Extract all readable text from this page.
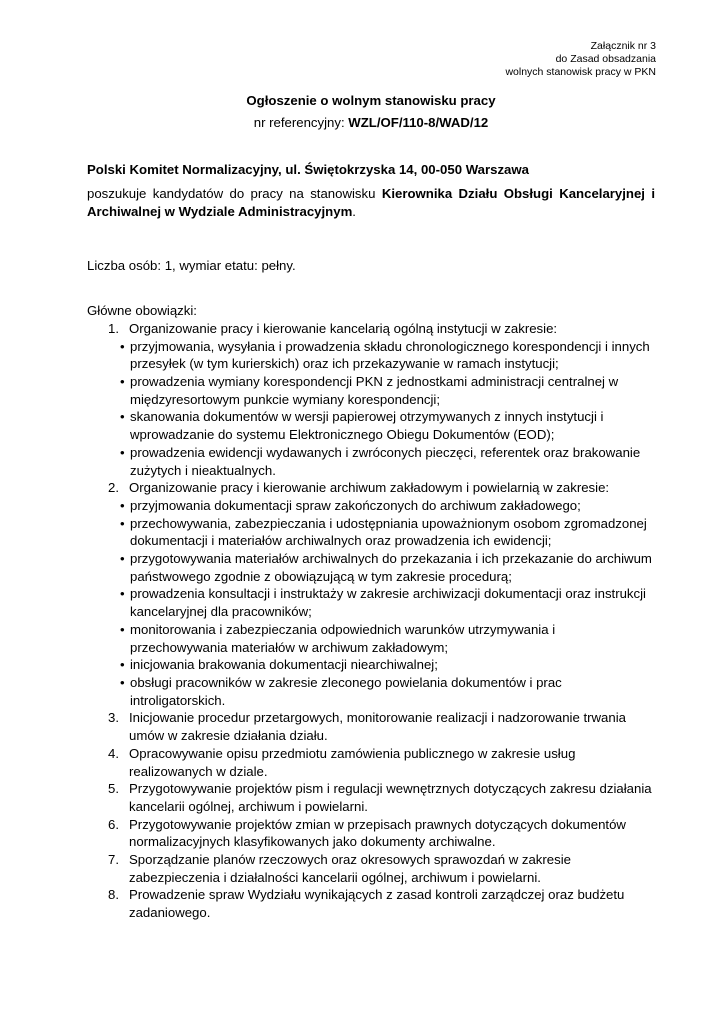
Załącznik nr 3
do Zasad obsadzania
wolnych stanowisk pracy w PKN

Ogłoszenie o wolnym stanowisku pracy

nr referencyjny: WZL/OF/110-8/WAD/12

Polski Komitet Normalizacyjny, ul. Świętokrzyska 14, 00-050 Warszawa

poszukuje kandydatów do pracy na stanowisku Kierownika Działu Obsługi Kancelaryjnej i Archiwalnej w Wydziale Administracyjnym.

Liczba osób: 1, wymiar etatu: pełny.

Główne obowiązki:

1. Organizowanie pracy i kierowanie kancelarią ogólną instytucji w zakresie:
• przyjmowania, wysyłania i prowadzenia składu chronologicznego korespondencji i innych przesyłek (w tym kurierskich) oraz ich przekazywanie w ramach instytucji;
• prowadzenia wymiany korespondencji PKN z jednostkami administracji centralnej w międzyresortowym punkcie wymiany korespondencji;
• skanowania dokumentów w wersji papierowej otrzymywanych z innych instytucji i wprowadzanie do systemu Elektronicznego Obiegu Dokumentów (EOD);
• prowadzenia ewidencji wydawanych i zwróconych pieczęci, referentek oraz brakowanie zużytych i nieaktualnych.
2. Organizowanie pracy i kierowanie archiwum zakładowym i powielarnią w zakresie:
• przyjmowania dokumentacji spraw zakończonych do archiwum zakładowego;
• przechowywania, zabezpieczania i udostępniania upoważnionym osobom zgromadzonej dokumentacji i materiałów archiwalnych oraz prowadzenia ich ewidencji;
• przygotowywania materiałów archiwalnych do przekazania i ich przekazanie do archiwum państwowego zgodnie z obowiązującą w tym zakresie procedurą;
• prowadzenia konsultacji i instruktaży w zakresie archiwizacji dokumentacji oraz instrukcji kancelaryjnej dla pracowników;
• monitorowania i zabezpieczania odpowiednich warunków utrzymywania i przechowywania materiałów w archiwum zakładowym;
• inicjowania brakowania dokumentacji niearchiwalnej;
• obsługi pracowników w zakresie zleconego powielania dokumentów i prac introligatorskich.
3. Inicjowanie procedur przetargowych, monitorowanie realizacji i nadzorowanie trwania umów w zakresie działania działu.
4. Opracowywanie opisu przedmiotu zamówienia publicznego w zakresie usług realizowanych w dziale.
5. Przygotowywanie projektów pism i regulacji wewnętrznych dotyczących zakresu działania kancelarii ogólnej, archiwum i powielarni.
6. Przygotowywanie projektów zmian w przepisach prawnych dotyczących dokumentów normalizacyjnych klasyfikowanych jako dokumenty archiwalne.
7. Sporządzanie planów rzeczowych oraz okresowych sprawozdań w zakresie zabezpieczenia i działalności kancelarii ogólnej, archiwum i powielarni.
8. Prowadzenie spraw Wydziału wynikających z zasad kontroli zarządczej oraz budżetu zadaniowego.
